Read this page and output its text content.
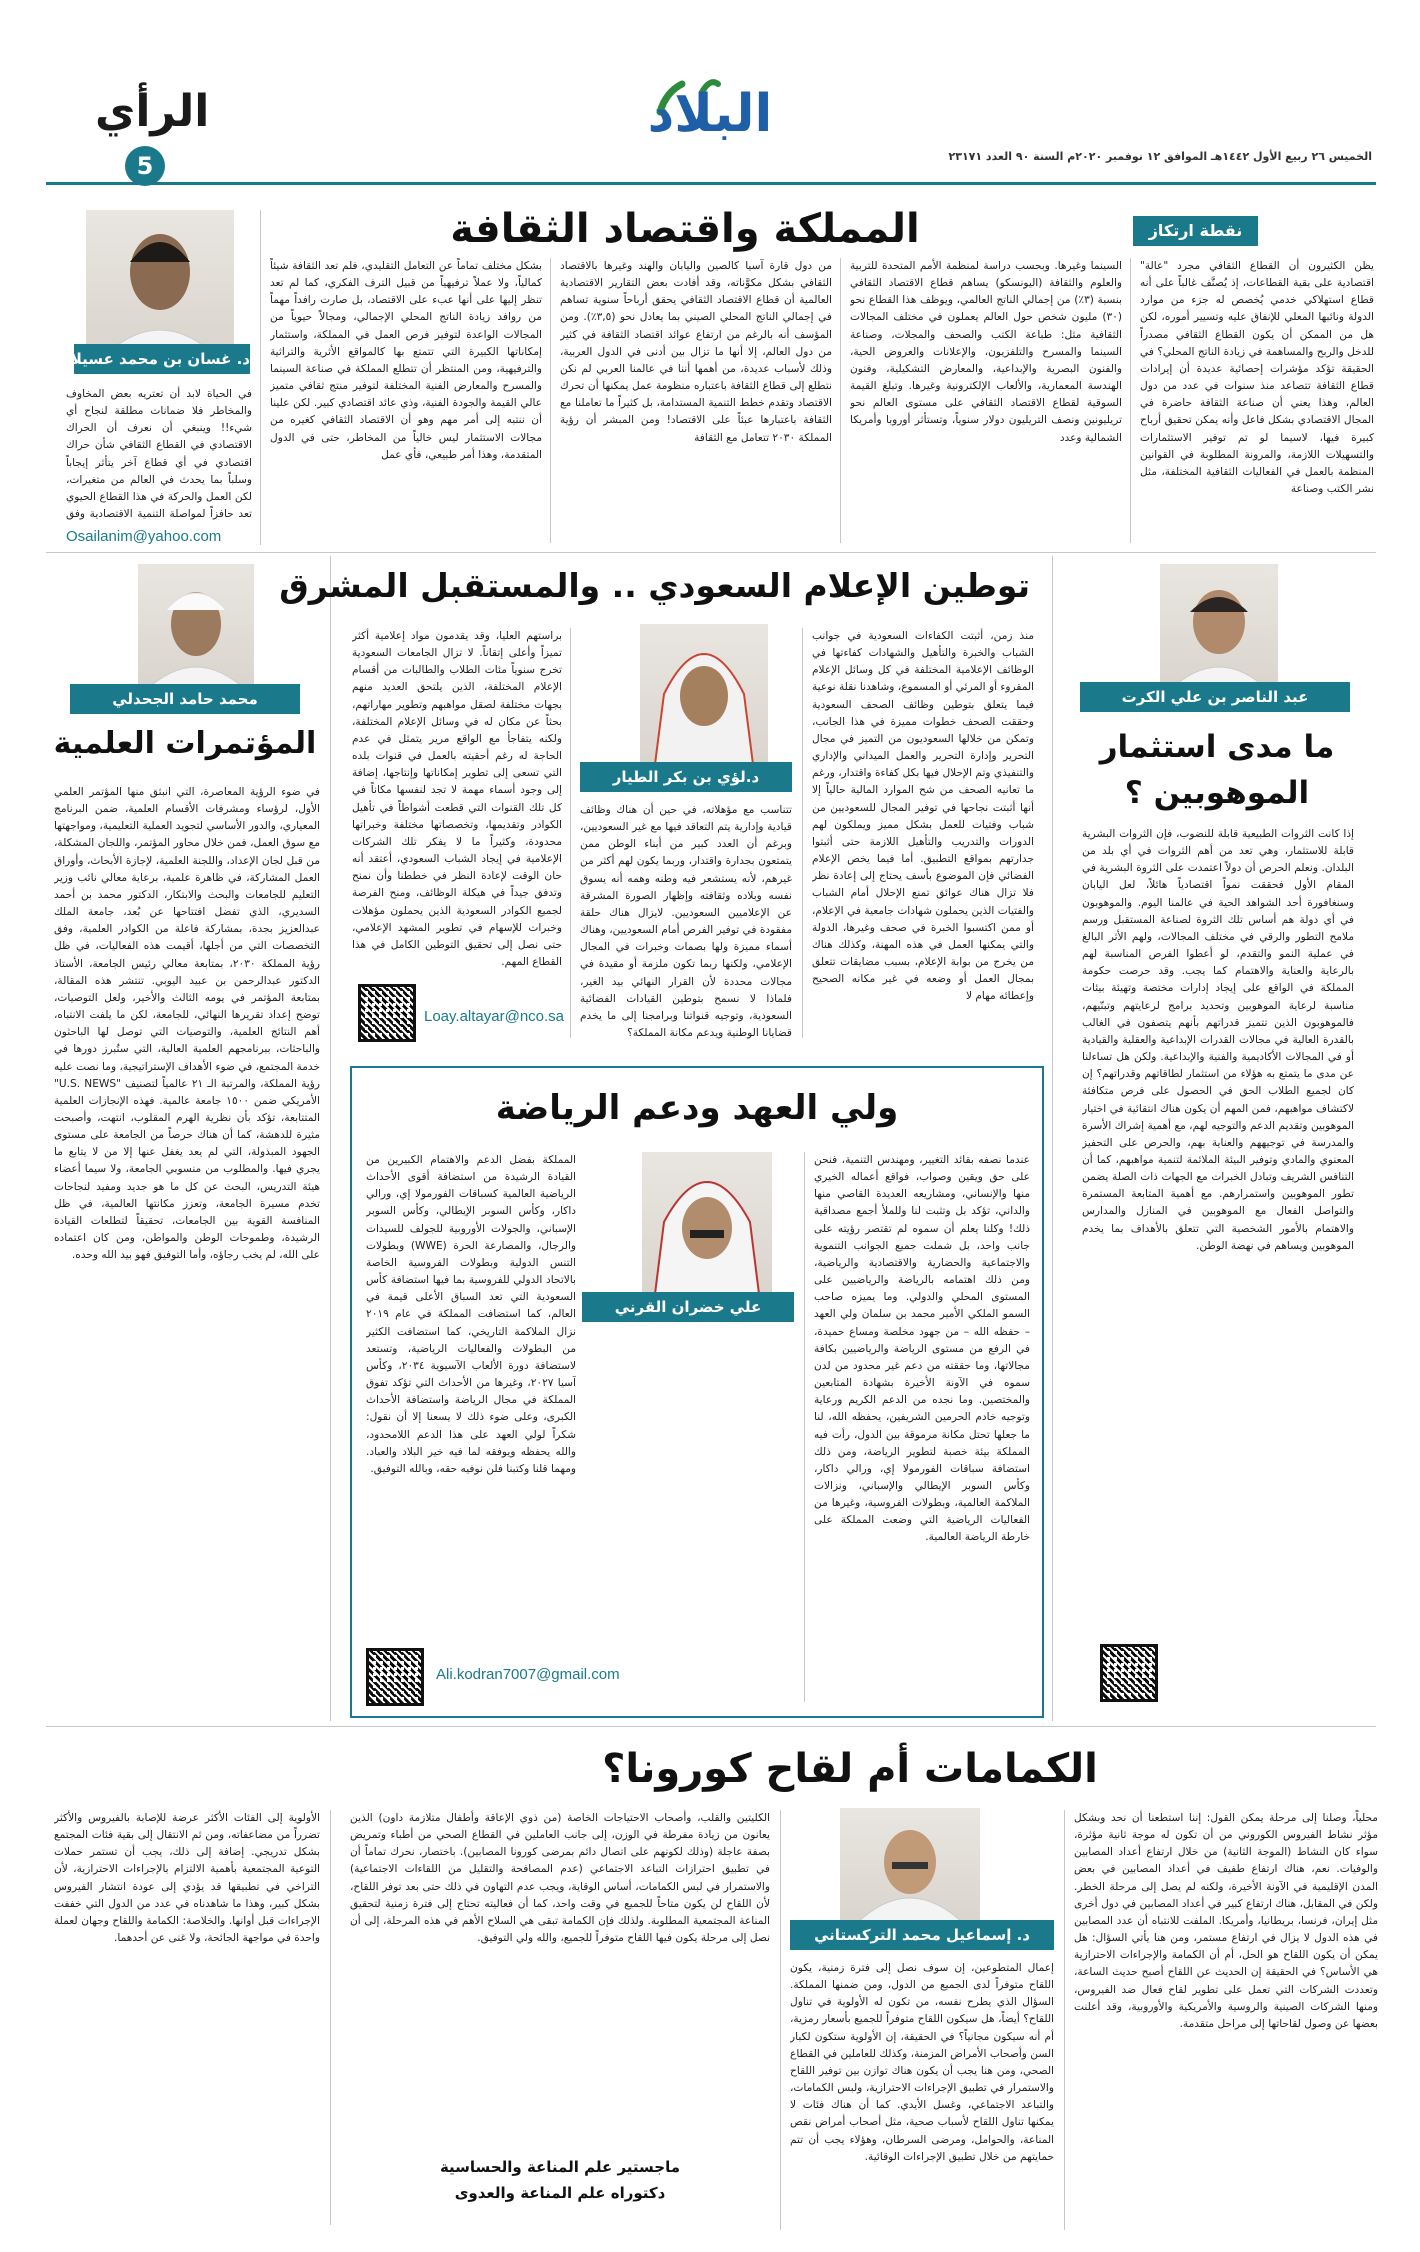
الرأي
5
البلاد
الخميس ٢٦ ربيع الأول ١٤٤٢هـ الموافق ١٢ نوفمبر ٢٠٢٠م السنة ٩٠ العدد ٢٣١٧١
نقطة ارتكاز
المملكة واقتصاد الثقافة

يظن الكثيرون أن القطاع الثقافي مجرد "عالة" اقتصادية على بقية القطاعات، إذ يُصنَّف غالباً على أنه قطاع استهلاكي خدمي يُخصص له جزء من موارد الدولة ونائبها المعلي للإنفاق عليه وتسيير أموره، لكن هل من الممكن أن يكون القطاع الثقافي مصدراً للدخل والربح والمساهمة في زيادة الناتج المحلي؟ في الحقيقة تؤكد مؤشرات إحصائية عديدة أن إيرادات قطاع الثقافة تتصاعد منذ سنوات في عدد من دول العالم، وهذا يعني أن صناعة الثقافة حاضرة في المجال الاقتصادي بشكل فاعل وأنه يمكن تحقيق أرباح كبيرة فيها، لاسيما لو تم توفير الاستثمارات والتسهيلات اللازمة، والمرونة المطلوبة في القوانين المنظمة بالعمل في الفعاليات الثقافية المختلفة، مثل نشر الكتب وصناعة

السينما وغيرها. وبحسب دراسة لمنظمة الأمم المتحدة للتربية والعلوم والثقافة (اليونسكو) يساهم قطاع الاقتصاد الثقافي بنسبة (٣٪) من إجمالي الناتج العالمي، ويوظف هذا القطاع نحو (٣٠) مليون شخص حول العالم يعملون في مختلف المجالات الثقافية مثل: طباعة الكتب والصحف والمجلات، وصناعة السينما والمسرح والتلفزيون، والإعلانات والعروض الحية، والفنون البصرية والإبداعية، والمعارض التشكيلية، وفنون الهندسة المعمارية، والألعاب الإلكترونية وغيرها. وتبلغ القيمة السوقية لقطاع الاقتصاد الثقافي على مستوى العالم نحو تريليونين ونصف التريليون دولار سنوياً، وتستأثر أوروبا وأمريكا الشمالية وعدد

من دول قارة آسيا كالصين واليابان والهند وغيرها بالاقتصاد الثقافي بشكل مكوَّناته، وقد أفادت بعض التقارير الاقتصادية العالمية أن قطاع الاقتصاد الثقافي يحقق أرباحاً سنوية تساهم في إجمالي الناتج المحلي الصيني بما يعادل نحو (٣,٥٪). ومن المؤسف أنه بالرغم من ارتفاع عوائد اقتصاد الثقافة في كثير من دول العالم، إلا أنها ما تزال بين أدنى في الدول العربية، وذلك لأسباب عديدة، من أهمها أننا في عالمنا العربي لم نكن نتطلع إلى قطاع الثقافة باعتباره منظومة عمل يمكنها أن تحرك الاقتصاد وتقدم خطط التنمية المستدامة، بل كثيراً ما تعاملنا مع الثقافة باعتبارها عبئاً على الاقتصاد! ومن المبشر أن رؤية المملكة ٢٠٣٠ تتعامل مع الثقافة

بشكل مختلف تماماً عن التعامل التقليدي، فلم تعد الثقافة شيئاً كمالياً، ولا عملاً ترفيهياً من قبيل الترف الفكري، كما لم تعد تنظر إليها على أنها عبء على الاقتصاد، بل صارت رافداً مهماً من روافد زيادة الناتج المحلي الإجمالي، ومجالاً حيوياً من المجالات الواعدة لتوفير فرص العمل في المملكة، واستثمار إمكاناتها الكبيرة التي تتمتع بها كالمواقع الأثرية والتراثية والترفيهية، ومن المنتظر أن تتطلع المملكة في صناعة السينما والمسرح والمعارض الفنية المختلفة لتوفير منتج ثقافي متميز عالي القيمة والجودة الفنية، وذي عائد اقتصادي كبير. لكن علينا أن ننتبه إلى أمر مهم وهو أن الاقتصاد الثقافي كغيره من مجالات الاستثمار ليس خالياً من المخاطر، حتى في الدول المتقدمة، وهذا أمر طبيعي، فأي عمل

د. غسان بن محمد عسيلان

في الحياة لابد أن تعتريه بعض المخاوف والمخاطر فلا ضمانات مطلقة لنجاح أي شيء!! وينبغي أن نعرف أن الحراك الاقتصادي في القطاع الثقافي شأن حراك اقتصادي في أي قطاع آخر يتأثر إيجاباً وسلباً بما يحدث في العالم من متغيرات، لكن العمل والحركة في هذا القطاع الحيوي تعد حافزاً لمواصلة التنمية الاقتصادية وفق

Osailanim@yahoo.com
عبد الناصر بن علي الكرت
ما مدى استثمار الموهوبين ؟

إذا كانت الثروات الطبيعية قابلة للنضوب، فإن الثروات البشرية قابلة للاستثمار، وهي تعد من أهم الثروات في أي بلد من البلدان. ونعلم الحرص أن دولاً اعتمدت على الثروة البشرية في المقام الأول فحققت نمواً اقتصادياً هائلاً، لعل اليابان وسنغافورة أحد الشواهد الحية في عالمنا اليوم. والموهوبون في أي دولة هم أساس تلك الثروة لصناعة المستقبل ورسم ملامح التطور والرقي في مختلف المجالات، ولهم الأثر البالغ في عملية النمو والتقدم، لو أعطوا الفرص المناسبة لهم بالرعاية والعناية والاهتمام كما يجب. وقد حرصت حكومة المملكة في الواقع على إيجاد إدارات مختصة وتهيئة بيئات مناسبة لرعاية الموهوبين وتحديد برامج لرعايتهم وتبنّيهم، فالموهوبون الذين تتميز قدراتهم بأنهم يتصفون في الغالب بالقدرة العالية في مجالات القدرات الإبداعية والعقلية والقيادية أو في المجالات الأكاديمية والفنية والإبداعية. ولكن هل تساءلنا عن مدى ما يتمتع به هؤلاء من استثمار لطاقاتهم وقدراتهم؟ إن كان لجميع الطلاب الحق في الحصول على فرص متكافئة لاكتشاف مواهبهم، فمن المهم أن يكون هناك انتقائية في اختيار الموهوبين وتقديم الدعم والتوجيه لهم، مع أهمية إشراك الأسرة والمدرسة في توجيههم والعناية بهم، والحرص على التحفيز المعنوي والمادي وتوفير البيئة الملائمة لتنمية مواهبهم، كما أن التنافس الشريف وتبادل الخبرات مع الجهات ذات الصلة يضمن تطور الموهوبين واستمرارهم. مع أهمية المتابعة المستمرة والتواصل الفعال مع الموهوبين في المنازل والمدارس والاهتمام بالأمور الشخصية التي تتعلق بالأهداف بما يخدم الموهوبين ويساهم في نهضة الوطن.

محمد حامد الجحدلي
المؤتمرات العلمية

في ضوء الرؤية المعاصرة، التي انبثق منها المؤتمر العلمي الأول، لرؤساء ومشرفات الأقسام العلمية، ضمن البرنامج المعياري، والدور الأساسي لتجويد العملية التعليمية، ومواجهتها مع سوق العمل، فمن خلال محاور المؤتمر، واللجان المشكلة، من قبل لجان الإعداد، واللجنة العلمية، لإجازة الأبحاث، وأوراق العمل المشاركة، في ظاهرة علمية، برعاية معالي نائب وزير التعليم للجامعات والبحث والابتكار، الدكتور محمد بن أحمد السديري، الذي تفضل افتتاحها عن بُعد، جامعة الملك عبدالعزيز بجدة، بمشاركة فاعلة من الكوادر العلمية، وفق التخصصات التي من أجلها، أقيمت هذه الفعاليات، في ظل رؤية المملكة ٢٠٣٠، بمتابعة معالي رئيس الجامعة، الأستاذ الدكتور عبدالرحمن بن عبيد اليوبي. تنتشر هذه المقالة، بمتابعة المؤتمر في يومه الثالث والأخير، ولعل التوصيات، توضح إعداد تقريرها النهائي، للجامعة، لكن ما يلفت الانتباه، أهم النتائج العلمية، والتوصيات التي توصل لها الباحثون والباحثات، ببرنامجهم العلمية العالية، التي ستُبرز دورها في خدمة المجتمع، في ضوء الأهداف الإستراتيجية، وما نصت عليه رؤية المملكة، والمرتبة الـ ٢١ عالمياً لتصنيف "U.S. NEWS" الأمريكي ضمن ١٥٠٠ جامعة عالمية. فهذه الإنجازات العلمية المتتابعة، تؤكد بأن نظرية الهرم المقلوب، انتهت، وأصبحت مثيرة للدهشة، كما أن هناك حرصاً من الجامعة على مستوى الجهود المبذولة، التي لم يعد يغفل عنها إلا من لا يتابع ما يجري فيها. والمطلوب من منسوبي الجامعة، ولا سيما أعضاء هيئة التدريس، البحث عن كل ما هو جديد ومفيد لنجاحات تخدم مسيرة الجامعة، وتعزز مكانتها العالمية، في ظل المنافسة القوية بين الجامعات، تحقيقاً لتطلعات القيادة الرشيدة، وطموحات الوطن والمواطن، ومن كان اعتماده على الله، لم يخب رجاؤه، وأما التوفيق فهو بيد الله وحده.

توطين الإعلام السعودي .. والمستقبل المشرق

منذ زمن، أثبتت الكفاءات السعودية في جوانب الشباب والخبرة والتأهيل والشهادات كفاءتها في الوظائف الإعلامية المختلفة في كل وسائل الإعلام المقروء أو المرئي أو المسموع، وشاهدنا نقلة نوعية فيما يتعلق بتوطين وظائف الصحف السعودية وحققت الصحف خطوات مميزة في هذا الجانب، وتمكن من خلالها السعوديون من التميز في مجال التحرير وإدارة التحرير والعمل الميداني والإداري والتنفيذي وتم الإحلال فيها بكل كفاءة واقتدار، ورغم ما تعانيه الصحف من شح الموارد المالية حالياً إلا أنها أثبتت نجاحها في توفير المجال للسعوديين من شباب وفتيات للعمل بشكل مميز ويملكون لهم الدورات والتدريب والتأهيل اللازمة حتى أثبتوا جدارتهم بمواقع التطبيق. أما فيما يخص الإعلام الفضائي فإن الموضوع بأسف يحتاج إلى إعادة نظر فلا تزال هناك عوائق تمنع الإحلال أمام الشباب والفتيات الذين يحملون شهادات جامعية في الإعلام، أو ممن اكتسبوا الخبرة في صحف وغيرها، الدولة والتي يمكنها العمل في هذه المهنة، وكذلك هناك من يخرج من بوابة الإعلام، بسبب مضايقات تتعلق بمجال العمل أو وضعه في غير مكانه الصحيح وإعطائه مهام لا

د.لؤي بن بكر الطيار

تتناسب مع مؤهلاته، في حين أن هناك وظائف قيادية وإدارية يتم التعاقد فيها مع غير السعوديين، وبرغم أن العدد كبير من أبناء الوطن ممن يتمتعون بجدارة واقتدار، وربما يكون لهم أكثر من غيرهم، لأنه يستشعر فيه وطنه وهمه أنه يسوق نفسه وبلاده وثقافته وإظهار الصورة المشرقة عن الإعلاميين السعوديين. لايزال هناك حلقة مفقودة في توفير الفرص أمام السعوديين، وهناك أسماء مميزة ولها بصمات وخبرات في المجال الإعلامي، ولكنها ربما تكون ملزمة أو مقيدة في مجالات محددة لأن القرار النهائي بيد الغير، فلماذا لا نسمح بتوطين القيادات الفضائية السعودية، وتوجيه قنواتنا وبرامجنا إلى ما يخدم قضايانا الوطنية ويدعم مكانة المملكة؟

براستهم العليا، وقد يقدمون مواد إعلامية أكثر تميزاً وأعلى إتقاناً. لا تزال الجامعات السعودية تخرج سنوياً مئات الطلاب والطالبات من أقسام الإعلام المختلفة، الذين يلتحق العديد منهم بجهات مختلفة لصقل مواهبهم وتطوير مهاراتهم، بحثاً عن مكان له في وسائل الإعلام المختلفة، ولكنه يتفاجأ مع الواقع مرير يتمثل في عدم الحاجة له رغم أحقيته بالعمل في قنوات بلده التي تسعى إلى تطوير إمكاناتها وإنتاجها، إضافة إلى وجود أسماء مهمة لا تجد لنفسها مكاناً في كل تلك القنوات التي قطعت أشواطاً في تأهيل الكوادر وتقديمها، وتخصصاتها مختلفة وخبراتها محدودة، وكثيراً ما لا يفكر تلك الشركات الإعلامية في إيجاد الشباب السعودي، أعتقد أنه حان الوقت لإعادة النظر في خططنا وأن نمنح وتدفق جيداً في هيكلة الوظائف، ومنح الفرصة لجميع الكوادر السعودية الذين يحملون مؤهلات وخبرات للإسهام في تطوير المشهد الإعلامي، حتى نصل إلى تحقيق التوطين الكامل في هذا القطاع المهم.

Loay.altayar@nco.sa
ولي العهد ودعم الرياضة

عندما نصفه بقائد التغيير، ومهندس التنمية، فنحن على حق ويقين وصواب، فواقع أعماله الخيري منها والإنساني، ومشاريعه العديدة القاصي منها والداني، تؤكد بل وتثبت لنا وللملأ أجمع مصداقية ذلك! وكلنا يعلم أن سموه لم تقتصر رؤيته على جانب واحد، بل شملت جميع الجوانب التنموية والاجتماعية والحضارية والاقتصادية والرياضية، ومن ذلك اهتمامه بالرياضة والرياضيين على المستوى المحلي والدولي. وما يميزه صاحب السمو الملكي الأمير محمد بن سلمان ولي العهد – حفظه الله – من جهود مخلصة ومساع حميدة، في الرفع من مستوى الرياضة والرياضيين بكافة مجالاتها، وما حققته من دعم غير محدود من لدن سموه في الآونة الأخيرة بشهادة المتابعين والمختصين. وما نجده من الدعم الكريم ورعاية وتوجيه خادم الحرمين الشريفين، يحفظه الله، لنا ما جعلها تحتل مكانة مرموقة بين الدول، رأت فيه المملكة بيئة خصبة لتطوير الرياضة، ومن ذلك استضافة سباقات الفورمولا إي، ورالي داكار، وكأس السوبر الإيطالي والإسباني، ونزالات الملاكمة العالمية، وبطولات الفروسية، وغيرها من الفعاليات الرياضية التي وضعت المملكة على خارطة الرياضة العالمية.

علي خضران القرني

المملكة بفضل الدعم والاهتمام الكبيرين من القيادة الرشيدة من استضافة أقوى الأحداث الرياضية العالمية كسباقات الفورمولا إي، ورالي داكار، وكأس السوبر الإيطالي، وكأس السوبر الإسباني، والجولات الأوروبية للجولف للسيدات والرجال، والمصارعة الحرة (WWE) وبطولات التنس الدولية وبطولات الفروسية الخاصة بالاتحاد الدولي للفروسية بما فيها استضافة كأس السعودية التي تعد السباق الأعلى قيمة في العالم، كما استضافت المملكة في عام ٢٠١٩ نزال الملاكمة التاريخي، كما استضافت الكثير من البطولات والفعاليات الرياضية، وتستعد لاستضافة دورة الألعاب الآسيوية ٢٠٣٤، وكأس آسيا ٢٠٢٧، وغيرها من الأحداث التي تؤكد تفوق المملكة في مجال الرياضة واستضافة الأحداث الكبرى، وعلى ضوء ذلك لا يسعنا إلا أن نقول: شكراً لولي العهد على هذا الدعم اللامحدود، والله يحفظه ويوفقه لما فيه خير البلاد والعباد. ومهما قلنا وكتبنا فلن نوفيه حقه، وبالله التوفيق.

Ali.kodran7007@gmail.com
الكمامات أم لقاح كورونا؟

محلياً، وصلنا إلى مرحلة يمكن القول: إننا استطعنا أن نحد وبشكل مؤثر نشاط الفيروس الكوروني من أن تكون له موجة ثانية مؤثرة، سواء كان النشاط (الموجة الثانية) من خلال ارتفاع أعداد المصابين والوفيات. نعم، هناك ارتفاع طفيف في أعداد المصابين في بعض المدن الإقليمية في الآونة الأخيرة، ولكنه لم يصل إلى مرحلة الخطر. ولكن في المقابل، هناك ارتفاع كبير في أعداد المصابين في دول أخرى مثل إيران، فرنسا، بريطانيا، وأمريكا. الملفت للانتباه أن عدد المصابين في هذه الدول لا يزال في ارتفاع مستمر، ومن هنا يأتي السؤال: هل يمكن أن يكون اللقاح هو الحل، أم أن الكمامة والإجراءات الاحترازية هي الأساس؟ في الحقيقة إن الحديث عن اللقاح أصبح حديث الساعة، وتعددت الشركات التي تعمل على تطوير لقاح فعال ضد الفيروس، ومنها الشركات الصينية والروسية والأمريكية والأوروبية، وقد أعلنت بعضها عن وصول لقاحاتها إلى مراحل متقدمة.

د. إسماعيل محمد التركستاني

إعمال المتطوعين، إن سوف نصل إلى فترة زمنية، يكون اللقاح متوفراً لدى الجميع من الدول، ومن ضمنها المملكة. السؤال الذي يطرح نفسه، من تكون له الأولوية في تناول اللقاح؟ أيضاً، هل سيكون اللقاح متوفراً للجميع بأسعار رمزية، أم أنه سيكون مجانياً؟ في الحقيقة، إن الأولوية ستكون لكبار السن وأصحاب الأمراض المزمنة، وكذلك للعاملين في القطاع الصحي، ومن هنا يجب أن يكون هناك توازن بين توفير اللقاح والاستمرار في تطبيق الإجراءات الاحترازية، ولبس الكمامات، والتباعد الاجتماعي، وغسل الأيدي. كما أن هناك فئات لا يمكنها تناول اللقاح لأسباب صحية، مثل أصحاب أمراض نقص المناعة، والحوامل، ومرضى السرطان، وهؤلاء يجب أن تتم حمايتهم من خلال تطبيق الإجراءات الوقائية.

الكليتين والقلب، وأصحاب الاحتياجات الخاصة (من ذوي الإعاقة وأطفال متلازمة داون) الذين يعانون من زيادة مفرطة في الوزن، إلى جانب العاملين في القطاع الصحي من أطباء وتمريض بصفة عاجلة (وذلك لكونهم على اتصال دائم بمرضى كورونا المصابين). باختصار، نحرك تماماً أن في تطبيق احترازات التباعد الاجتماعي (عدم المصافحة والتقليل من اللقاءات الاجتماعية) والاستمرار في لبس الكمامات، أساس الوقاية، ويجب عدم التهاون في ذلك حتى بعد توفر اللقاح، لأن اللقاح لن يكون متاحاً للجميع في وقت واحد، كما أن فعاليته تحتاج إلى فترة زمنية لتحقيق المناعة المجتمعية المطلوبة. ولذلك فإن الكمامة تبقى هي السلاح الأهم في هذه المرحلة، إلى أن نصل إلى مرحلة يكون فيها اللقاح متوفراً للجميع، والله ولي التوفيق.

ماجستير علم المناعة والحساسية
دكتوراه علم المناعة والعدوى

الأولوية إلى الفئات الأكثر عرضة للإصابة بالفيروس والأكثر تضرراً من مضاعفاته، ومن ثم الانتقال إلى بقية فئات المجتمع بشكل تدريجي. إضافة إلى ذلك، يجب أن تستمر حملات التوعية المجتمعية بأهمية الالتزام بالإجراءات الاحترازية، لأن التراخي في تطبيقها قد يؤدي إلى عودة انتشار الفيروس بشكل كبير، وهذا ما شاهدناه في عدد من الدول التي خففت الإجراءات قبل أوانها. والخلاصة: الكمامة واللقاح وجهان لعملة واحدة في مواجهة الجائحة، ولا غنى عن أحدهما.
